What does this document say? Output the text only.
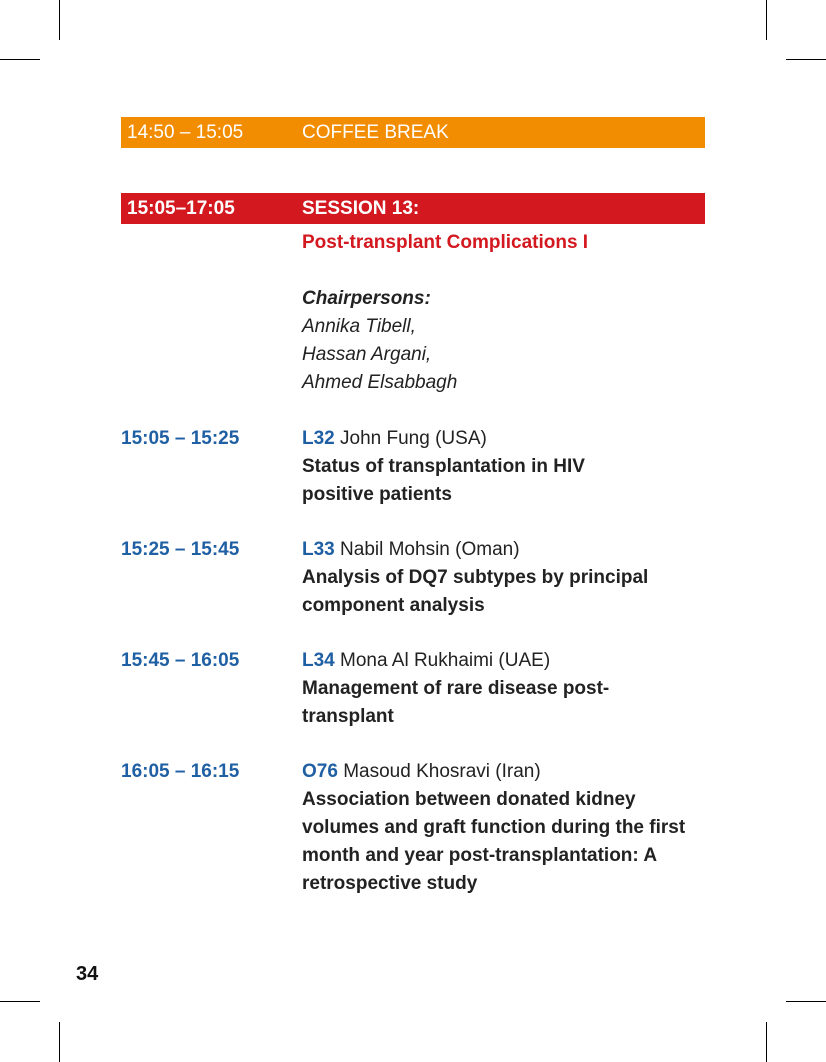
14:50 – 15:05	COFFEE BREAK
15:05–17:05	SESSION 13:
Post-transplant Complications I
Chairpersons:
Annika Tibell,
Hassan Argani,
Ahmed Elsabbagh
15:05 – 15:25	L32 John Fung (USA)
Status of transplantation in HIV positive patients
15:25 – 15:45	L33 Nabil Mohsin (Oman)
Analysis of DQ7 subtypes by principal component analysis
15:45 – 16:05	L34 Mona Al Rukhaimi (UAE)
Management of rare disease post-transplant
16:05 – 16:15	O76 Masoud Khosravi (Iran)
Association between donated kidney volumes and graft function during the first month and year post-transplantation: A retrospective study
34
